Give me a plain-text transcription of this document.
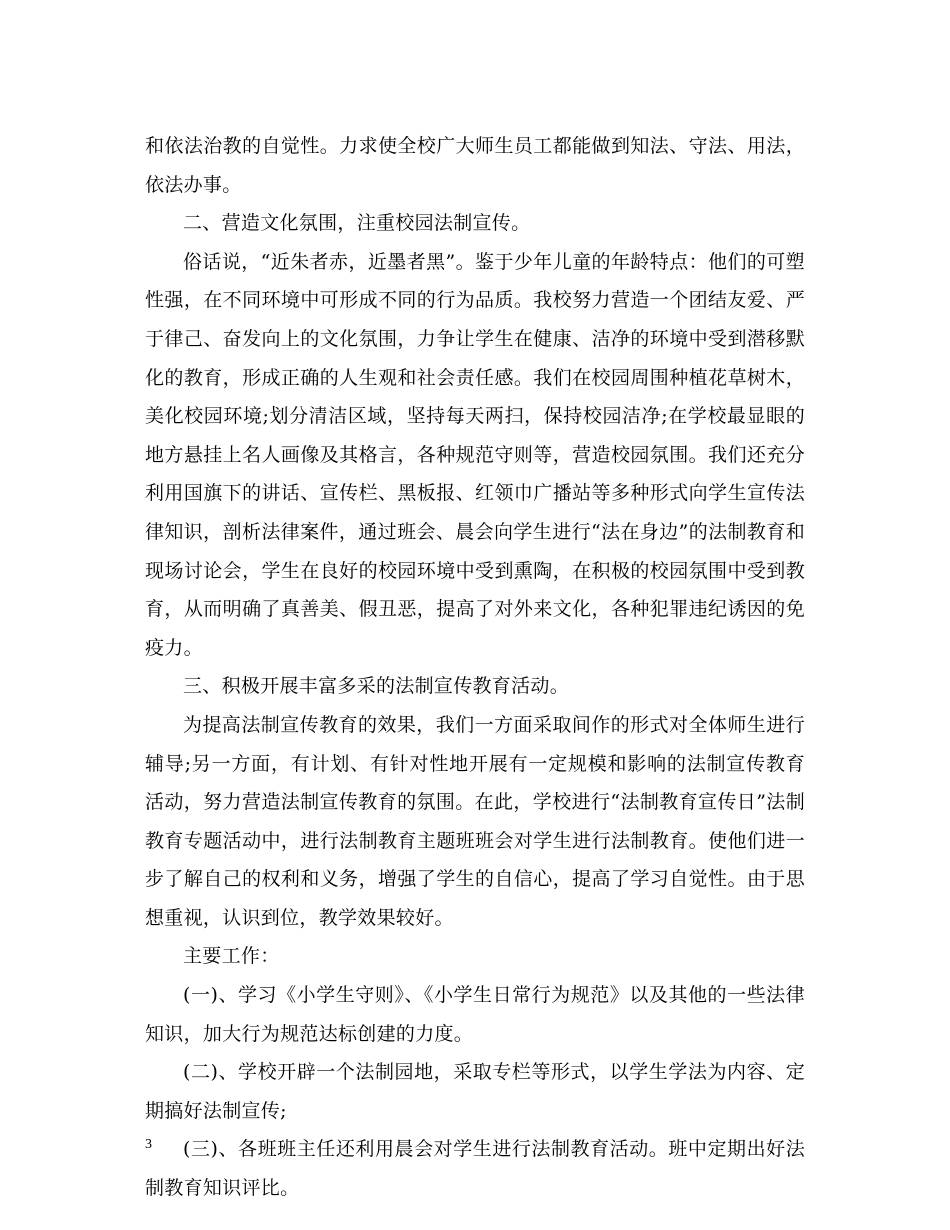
和依法治教的自觉性。力求使全校广大师生员工都能做到知法、守法、用法，依法办事。

二、营造文化氛围，注重校园法制宣传。

俗话说，“近朱者赤，近墨者黑”。鉴于少年儿童的年龄特点：他们的可塑性强，在不同环境中可形成不同的行为品质。我校努力营造一个团结友爱、严于律己、奋发向上的文化氛围，力争让学生在健康、洁净的环境中受到潜移默化的教育，形成正确的人生观和社会责任感。我们在校园周围种植花草树木，美化校园环境;划分清洁区域，坚持每天两扫，保持校园洁净;在学校最显眼的地方悬挂上名人画像及其格言，各种规范守则等，营造校园氛围。我们还充分利用国旗下的讲话、宣传栏、黑板报、红领巾广播站等多种形式向学生宣传法律知识，剖析法律案件，通过班会、晨会向学生进行“法在身边”的法制教育和现场讨论会，学生在良好的校园环境中受到熏陶，在积极的校园氛围中受到教育，从而明确了真善美、假丑恶，提高了对外来文化，各种犯罪违纪诱因的免疫力。

三、积极开展丰富多采的法制宣传教育活动。

为提高法制宣传教育的效果，我们一方面采取间作的形式对全体师生进行辅导;另一方面，有计划、有针对性地开展有一定规模和影响的法制宣传教育活动，努力营造法制宣传教育的氛围。在此，学校进行“法制教育宣传日”法制教育专题活动中，进行法制教育主题班班会对学生进行法制教育。使他们进一步了解自己的权利和义务，增强了学生的自信心，提高了学习自觉性。由于思想重视，认识到位，教学效果较好。

主要工作：

(一)、学习《小学生守则》、《小学生日常行为规范》以及其他的一些法律知识，加大行为规范达标创建的力度。

(二)、学校开辟一个法制园地，采取专栏等形式，以学生学法为内容、定期搞好法制宣传;

(三)、各班班主任还利用晨会对学生进行法制教育活动。班中定期出好法制教育知识评比。

3
